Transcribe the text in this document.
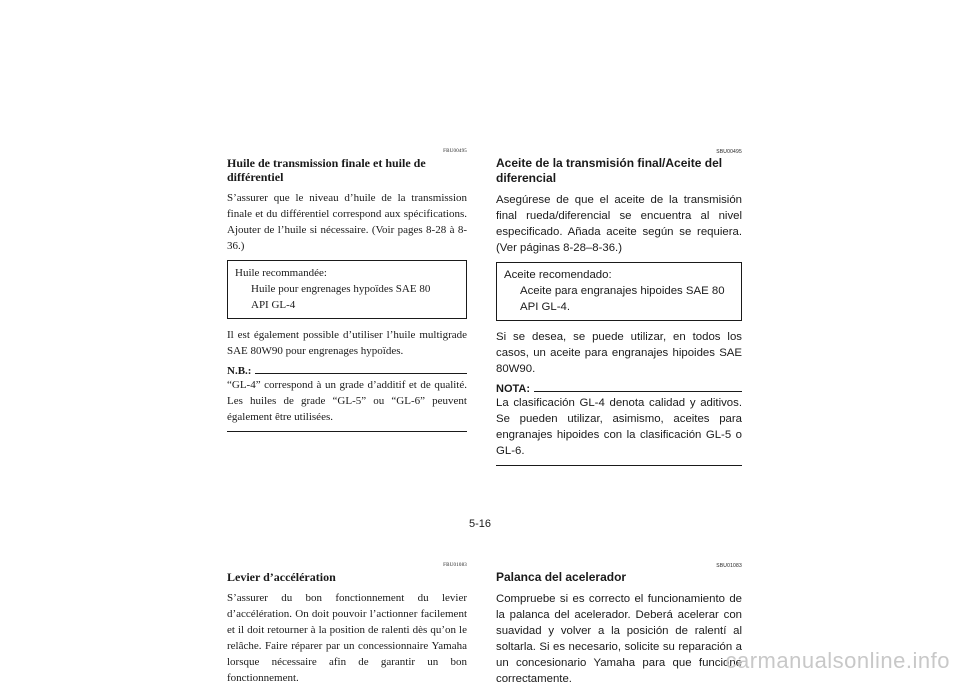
FBU00495

Huile de transmission finale et huile de différentiel

S’assurer que le niveau d’huile de la transmission finale et du différentiel correspond aux spécifications. Ajouter de l’huile si nécessaire. (Voir pages 8-28 à 8-36.)

Huile recommandée:
Huile pour engrenages hypoïdes SAE 80
API GL-4

Il est également possible d’utiliser l’huile multigrade SAE 80W90 pour engrenages hypoïdes.

N.B.:

“GL-4” correspond à un grade d’additif et de qualité. Les huiles de grade “GL-5” ou “GL-6” peuvent également être utilisées.

FBU01083

Levier d’accélération

S’assurer du bon fonctionnement du levier d’accélération. On doit pouvoir l’actionner facilement et il doit retourner à la position de ralenti dès qu’on le relâche. Faire réparer par un concessionnaire Yamaha lorsque nécessaire afin de garantir un bon fonctionnement.

SBU00495

Aceite de la transmisión final/Aceite del diferencial

Asegúrese de que el aceite de la transmisión final rueda/diferencial se encuentra al nivel especificado. Añada aceite según se requiera. (Ver páginas 8-28–8-36.)

Aceite recomendado:
Aceite para engranajes hipoides SAE 80
API GL-4.

Si se desea, se puede utilizar, en todos los casos, un aceite para engranajes hipoides SAE 80W90.

NOTA:

La clasificación GL-4 denota calidad y aditivos. Se pueden utilizar, asimismo, aceites para engranajes hipoides con la clasificación GL-5 o GL-6.

SBU01083

Palanca del acelerador

Compruebe si es correcto el funcionamiento de la palanca del acelerador. Deberá acelerar con suavidad y volver a la posición de ralentí al soltarla. Si es necesario, solicite su reparación a un concesionario Yamaha para que funcione correctamente.

5-16
carmanualsonline.info
